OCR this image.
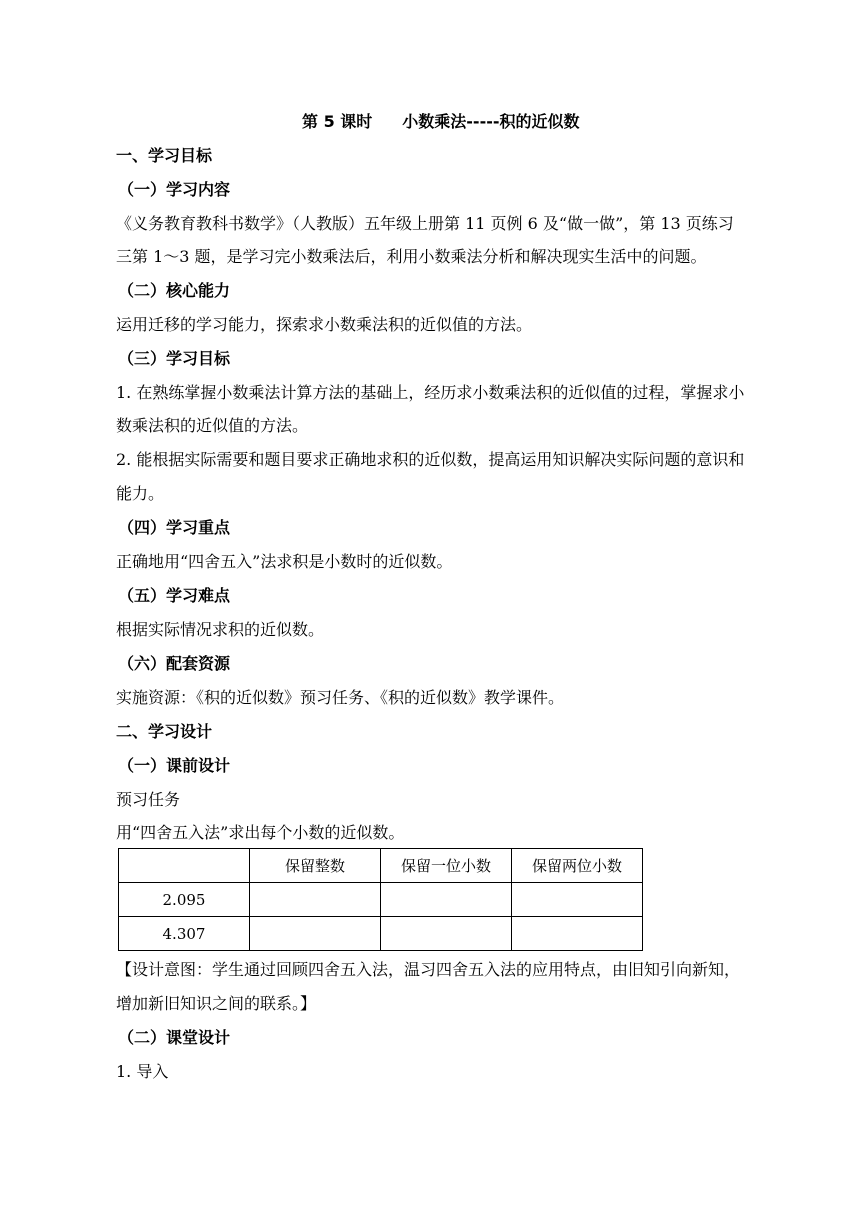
第 5 课时 小数乘法-----积的近似数
一、学习目标
（一）学习内容
《义务教育教科书数学》（人教版）五年级上册第 11 页例 6 及“做一做”，第 13 页练习
三第 1～3 题，是学习完小数乘法后，利用小数乘法分析和解决现实生活中的问题。
（二）核心能力
运用迁移的学习能力，探索求小数乘法积的近似值的方法。
（三）学习目标
1. 在熟练掌握小数乘法计算方法的基础上，经历求小数乘法积的近似值的过程，掌握求小
数乘法积的近似值的方法。
2. 能根据实际需要和题目要求正确地求积的近似数，提高运用知识解决实际问题的意识和
能力。
（四）学习重点
正确地用“四舍五入”法求积是小数时的近似数。
（五）学习难点
根据实际情况求积的近似数。
（六）配套资源
实施资源：《积的近似数》预习任务、《积的近似数》教学课件。
二、学习设计
（一）课前设计
预习任务
用“四舍五入法”求出每个小数的近似数。
	保留整数	保留一位小数	保留两位小数
2.095			
4.307			
【设计意图：学生通过回顾四舍五入法，温习四舍五入法的应用特点，由旧知引向新知，
增加新旧知识之间的联系。】
（二）课堂设计
1. 导入
